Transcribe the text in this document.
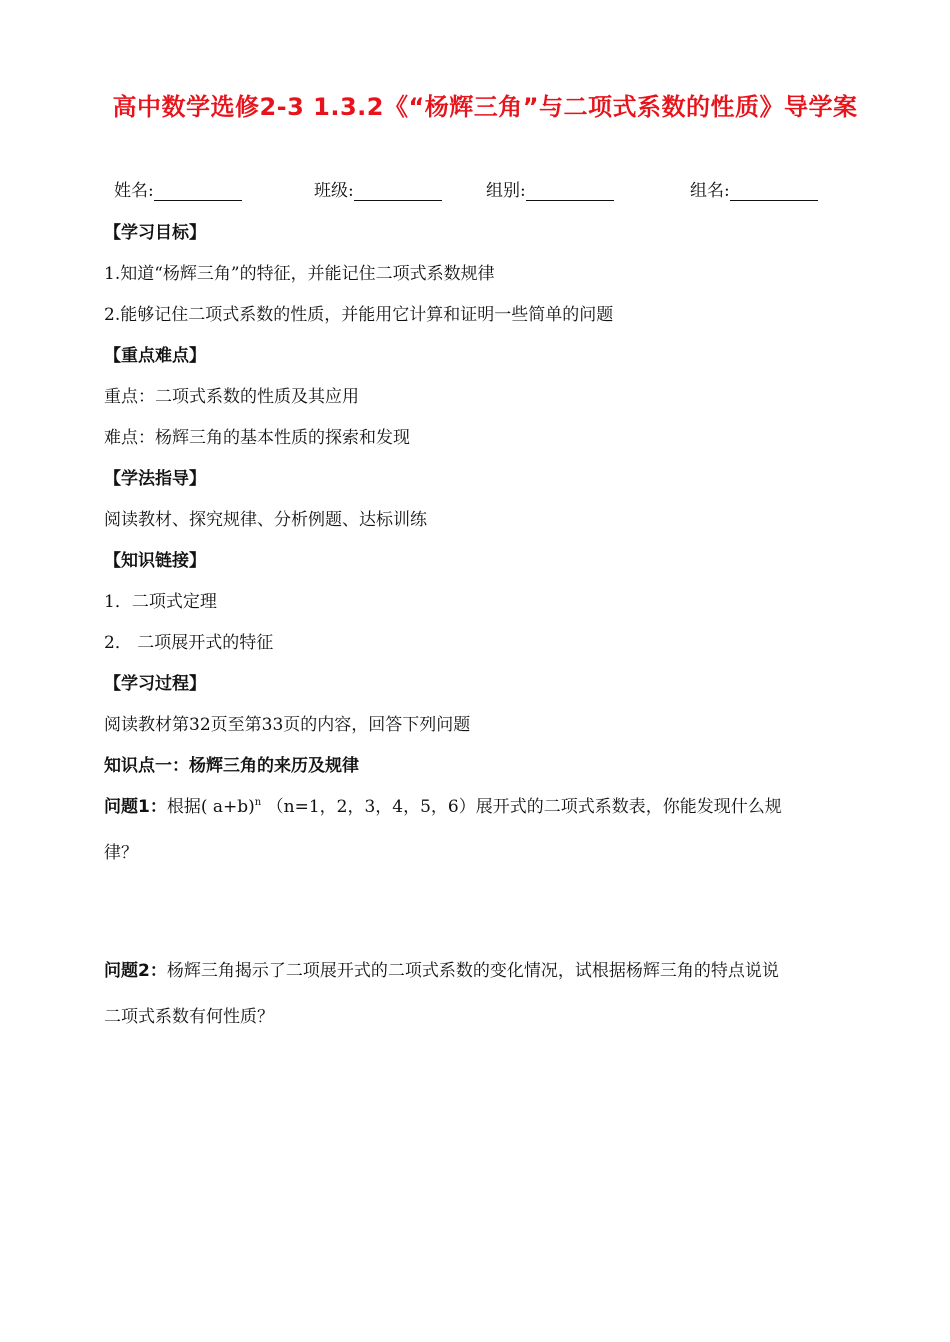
高中数学选修2-3 1.3.2《“杨辉三角”与二项式系数的性质》导学案
姓名:	班级:	组别:	组名:
【学习目标】
1.知道“杨辉三角”的特征，并能记住二项式系数规律
2.能够记住二项式系数的性质，并能用它计算和证明一些简单的问题
【重点难点】
重点：二项式系数的性质及其应用
难点：杨辉三角的基本性质的探索和发现
【学法指导】
阅读教材、探究规律、分析例题、达标训练
【知识链接】
1．二项式定理
2． 二项展开式的特征
【学习过程】
阅读教材第32页至第33页的内容，回答下列问题
知识点一：杨辉三角的来历及规律
问题1：根据( a+b)$^n$ （n=1，2，3，4，5，6）展开式的二项式系数表，你能发现什么规
律？
问题2：杨辉三角揭示了二项展开式的二项式系数的变化情况，试根据杨辉三角的特点说说
二项式系数有何性质？
